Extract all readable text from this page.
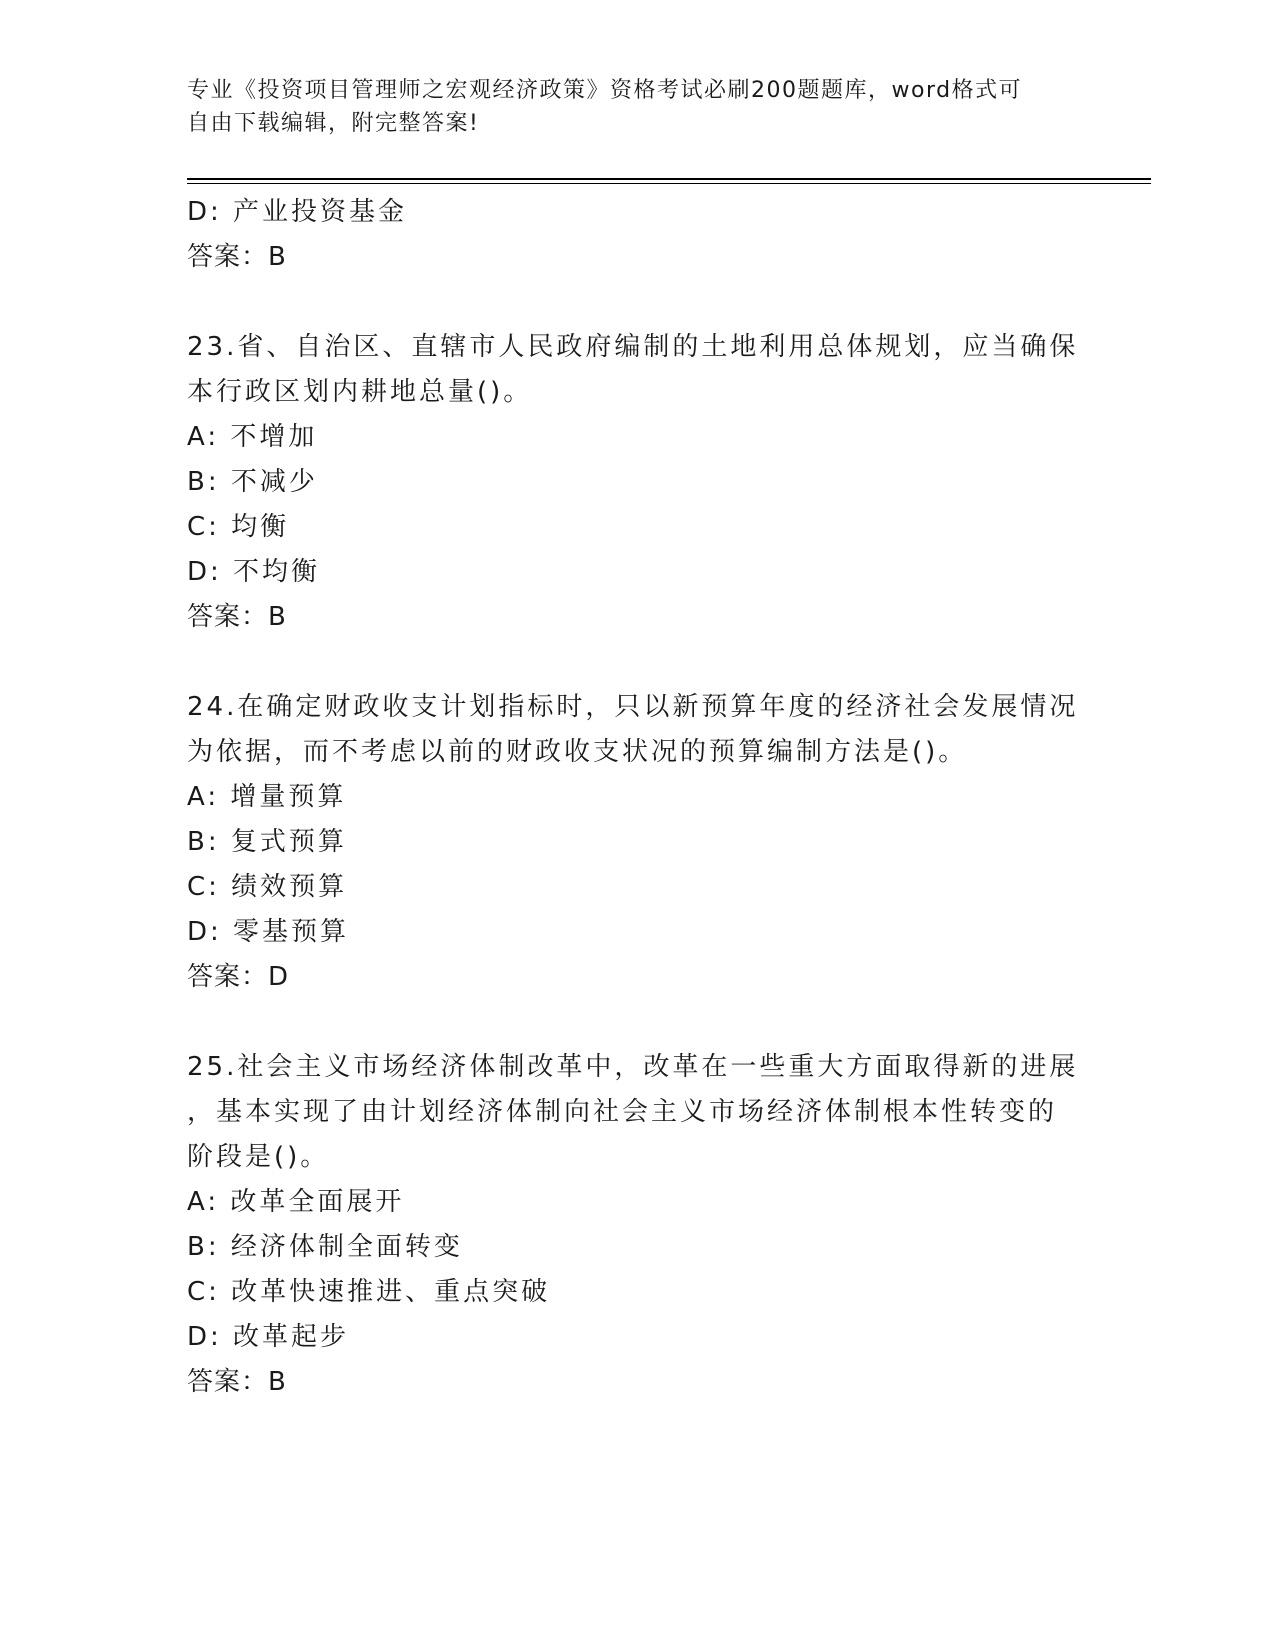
专业《投资项目管理师之宏观经济政策》资格考试必刷200题题库，word格式可
自由下载编辑，附完整答案!
D: 产业投资基金
答案：B
23.省、自治区、直辖市人民政府编制的土地利用总体规划，应当确保
本行政区划内耕地总量()。
A: 不增加
B: 不减少
C: 均衡
D: 不均衡
答案：B
24.在确定财政收支计划指标时，只以新预算年度的经济社会发展情况
为依据，而不考虑以前的财政收支状况的预算编制方法是()。
A: 增量预算
B: 复式预算
C: 绩效预算
D: 零基预算
答案：D
25.社会主义市场经济体制改革中，改革在一些重大方面取得新的进展
，基本实现了由计划经济体制向社会主义市场经济体制根本性转变的
阶段是()。
A: 改革全面展开
B: 经济体制全面转变
C: 改革快速推进、重点突破
D: 改革起步
答案：B
